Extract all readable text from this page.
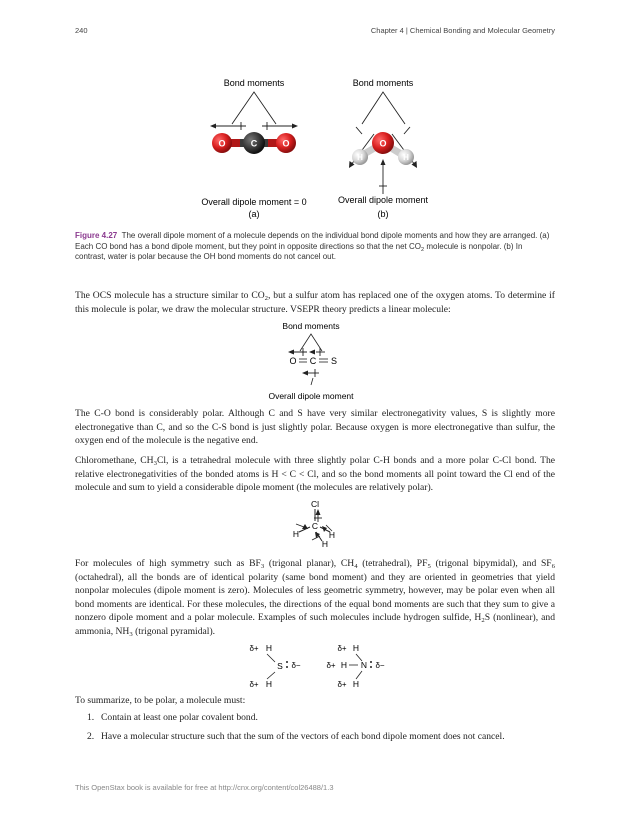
240	Chapter 4 | Chemical Bonding and Molecular Geometry
Bond moments
O	C	O
Overall dipole moment = 0
(a)
Bond moments
O
H	H
Overall dipole moment
(b)
Figure 4.27 The overall dipole moment of a molecule depends on the individual bond dipole moments and how they are arranged. (a) Each CO bond has a bond dipole moment, but they point in opposite directions so that the net $CO_2$ molecule is nonpolar. (b) In contrast, water is polar because the OH bond moments do not cancel out.

The OCS molecule has a structure similar to $CO_2$, but a sulfur atom has replaced one of the oxygen atoms. To determine if this molecule is polar, we draw the molecular structure. VSEPR theory predicts a linear molecule:

Bond moments
O C S
Overall dipole moment

The C-O bond is considerably polar. Although C and S have very similar electronegativity values, S is slightly more electronegative than C, and so the C-S bond is just slightly polar. Because oxygen is more electronegative than sulfur, the oxygen end of the molecule is the negative end.

Chloromethane, $CH_3Cl$, is a tetrahedral molecule with three slightly polar C-H bonds and a more polar C-Cl bond. The relative electronegativities of the bonded atoms is H < C < Cl, and so the bond moments all point toward the Cl end of the molecule and sum to yield a considerable dipole moment (the molecules are relatively polar).

Cl
C
H	H
H

For molecules of high symmetry such as $BF_3$ (trigonal planar), $CH_4$ (tetrahedral), $PF_5$ (trigonal bipymidal), and $SF_6$ (octahedral), all the bonds are of identical polarity (same bond moment) and they are oriented in geometries that yield nonpolar molecules (dipole moment is zero). Molecules of less geometric symmetry, however, may be polar even when all bond moments are identical. For these molecules, the directions of the equal bond moments are such that they sum to give a nonzero dipole moment and a polar molecule. Examples of such molecules include hydrogen sulfide, $H_2S$ (nonlinear), and ammonia, $NH_3$ (trigonal pyramidal).

δ+ H
S δ−
δ+ H
δ+ H
δ+ H N δ−
δ+ H

To summarize, to be polar, a molecule must:

1. Contain at least one polar covalent bond.
2. Have a molecular structure such that the sum of the vectors of each bond dipole moment does not cancel.
This OpenStax book is available for free at http://cnx.org/content/col26488/1.3
